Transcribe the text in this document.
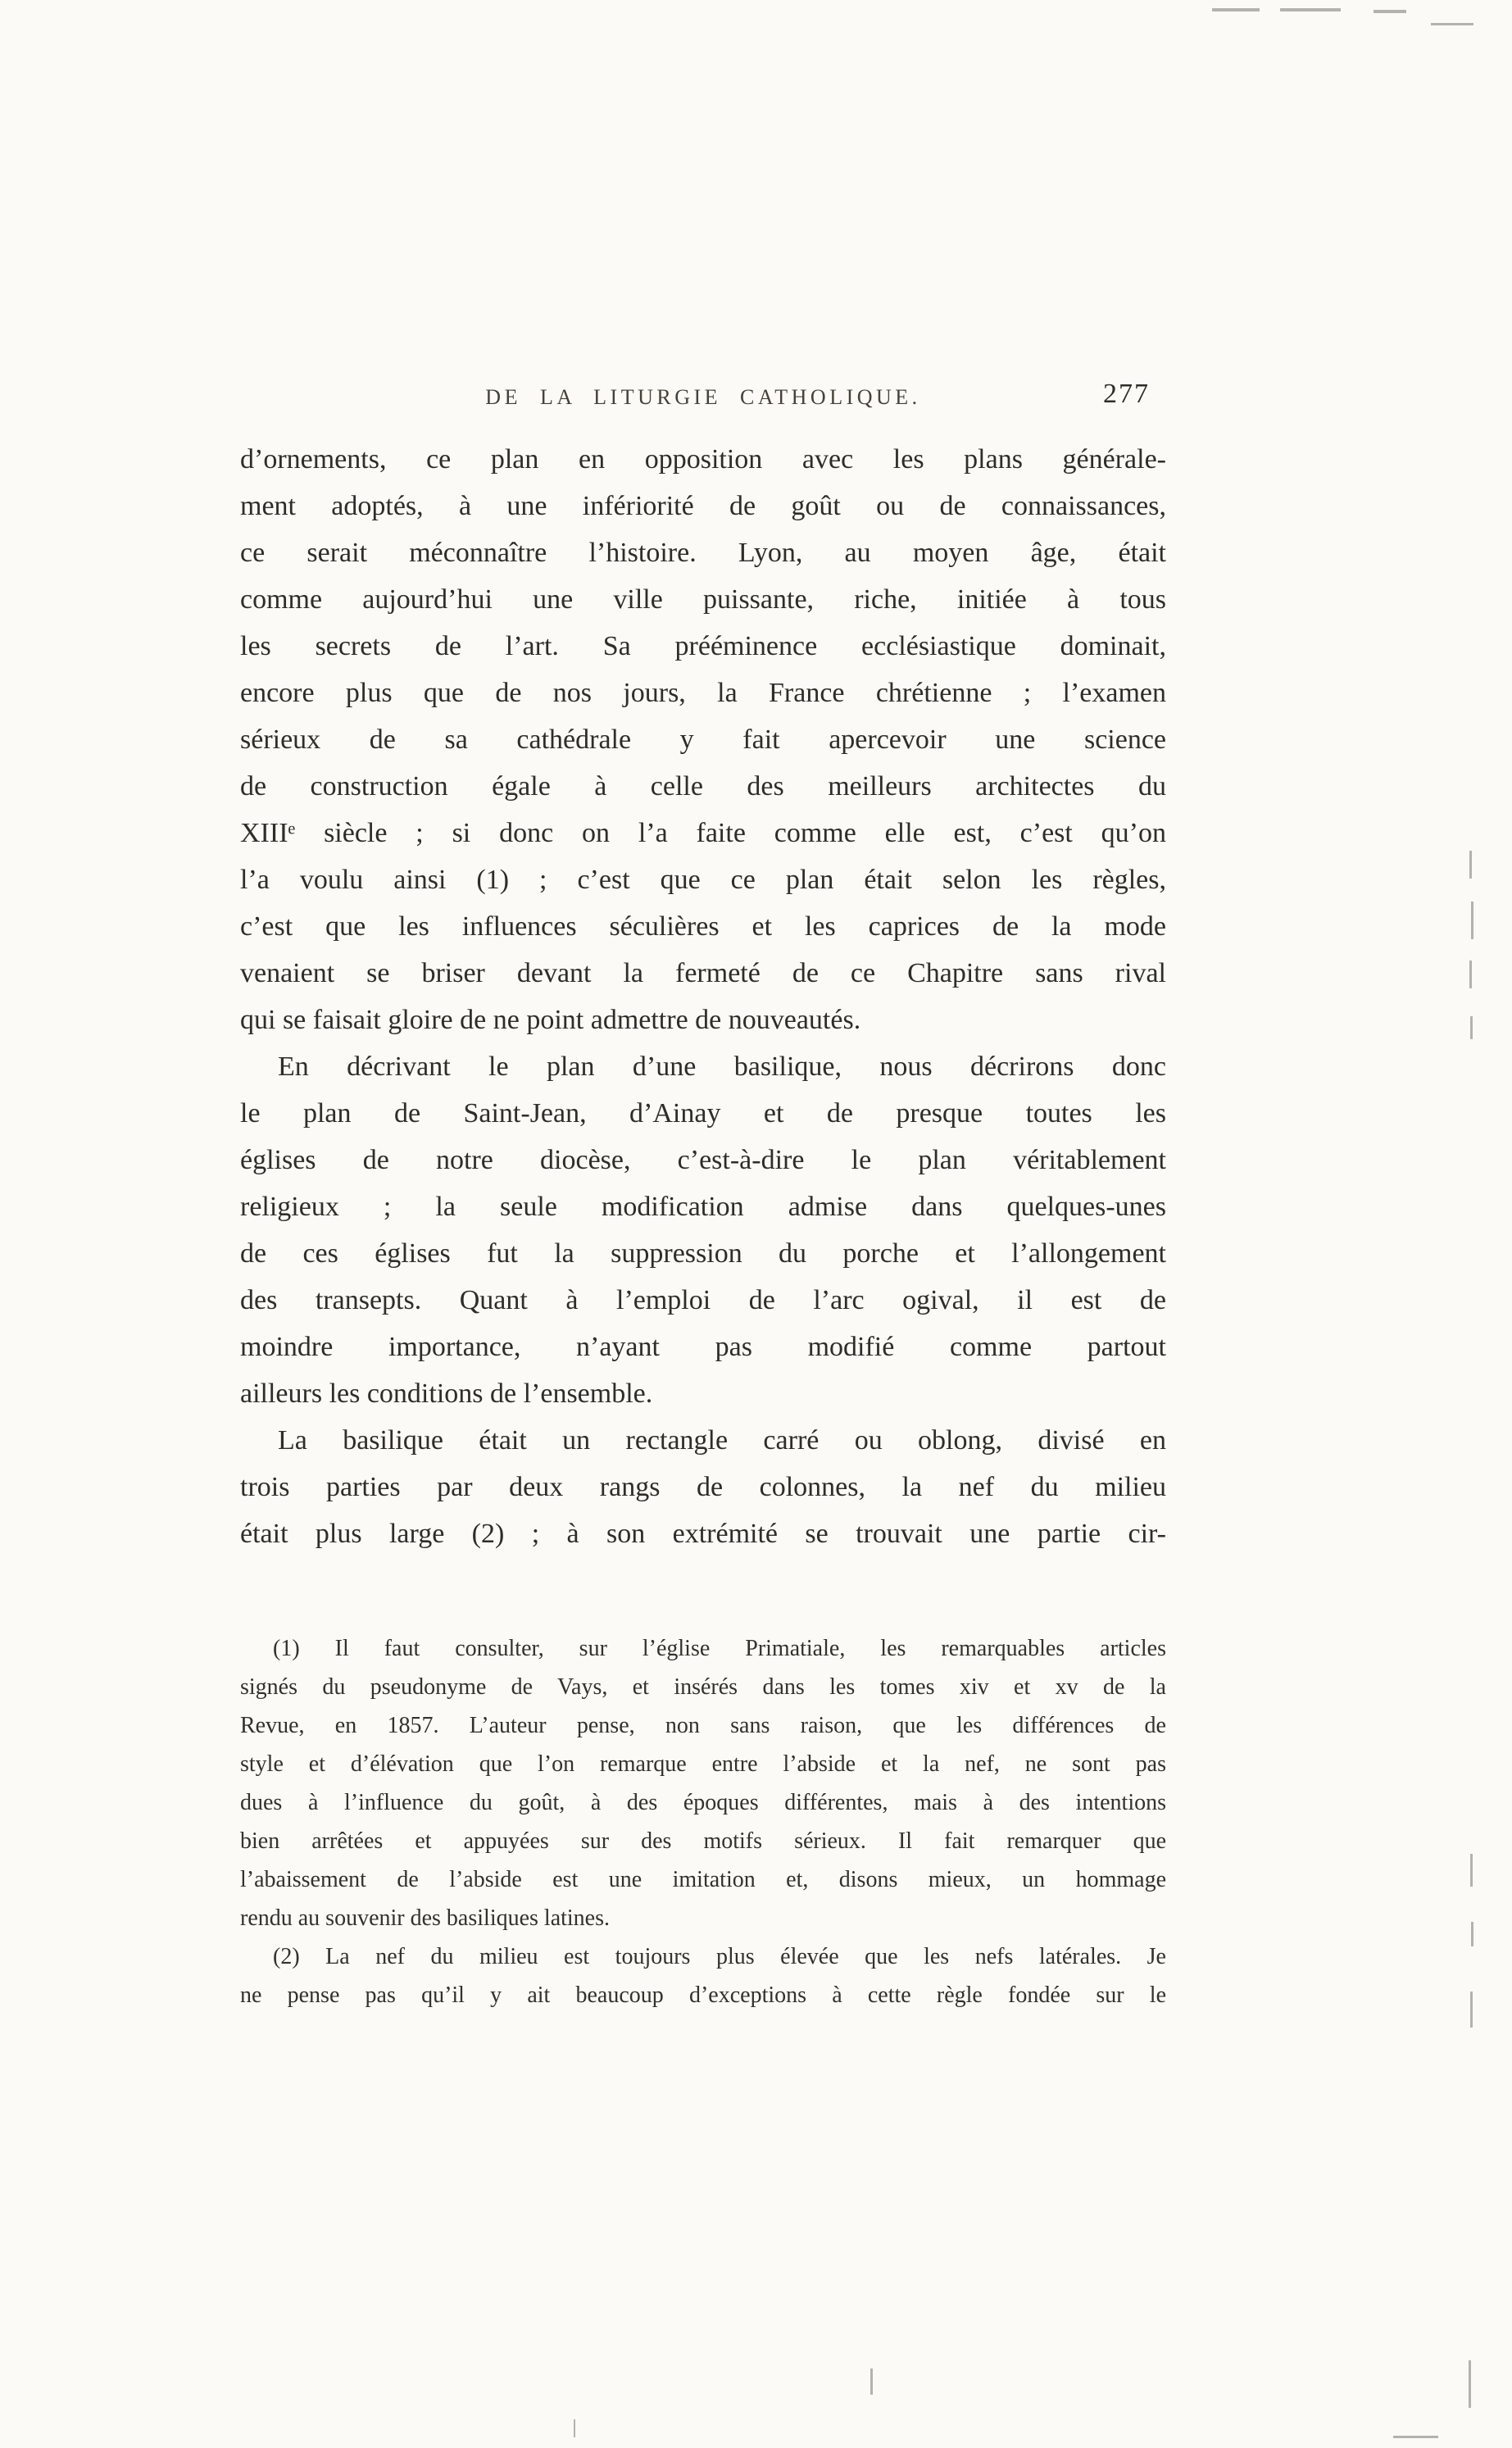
DE LA LITURGIE CATHOLIQUE.	277
d’ornements, ce plan en opposition avec les plans générale-
ment adoptés, à une infériorité de goût ou de connaissances,
ce serait méconnaître l’histoire. Lyon, au moyen âge, était
comme aujourd’hui une ville puissante, riche, initiée à tous
les secrets de l’art. Sa prééminence ecclésiastique dominait,
encore plus que de nos jours, la France chrétienne ; l’examen
sérieux de sa cathédrale y fait apercevoir une science
de construction égale à celle des meilleurs architectes du
XIIIᵉ siècle ; si donc on l’a faite comme elle est, c’est qu’on
l’a voulu ainsi (1) ; c’est que ce plan était selon les règles,
c’est que les influences séculières et les caprices de la mode
venaient se briser devant la fermeté de ce Chapitre sans rival
qui se faisait gloire de ne point admettre de nouveautés.
En décrivant le plan d’une basilique, nous décrirons donc
le plan de Saint-Jean, d’Ainay et de presque toutes les
églises de notre diocèse, c’est-à-dire le plan véritablement
religieux ; la seule modification admise dans quelques-unes
de ces églises fut la suppression du porche et l’allongement
des transepts. Quant à l’emploi de l’arc ogival, il est de
moindre importance, n’ayant pas modifié comme partout
ailleurs les conditions de l’ensemble.
La basilique était un rectangle carré ou oblong, divisé en
trois parties par deux rangs de colonnes, la nef du milieu
était plus large (2) ; à son extrémité se trouvait une partie cir-
(1) Il faut consulter, sur l’église Primatiale, les remarquables articles
signés du pseudonyme de Vays, et insérés dans les tomes xiv et xv de la
Revue, en 1857. L’auteur pense, non sans raison, que les différences de
style et d’élévation que l’on remarque entre l’abside et la nef, ne sont pas
dues à l’influence du goût, à des époques différentes, mais à des intentions
bien arrêtées et appuyées sur des motifs sérieux. Il fait remarquer que
l’abaissement de l’abside est une imitation et, disons mieux, un hommage
rendu au souvenir des basiliques latines.
(2) La nef du milieu est toujours plus élevée que les nefs latérales. Je
ne pense pas qu’il y ait beaucoup d’exceptions à cette règle fondée sur le
